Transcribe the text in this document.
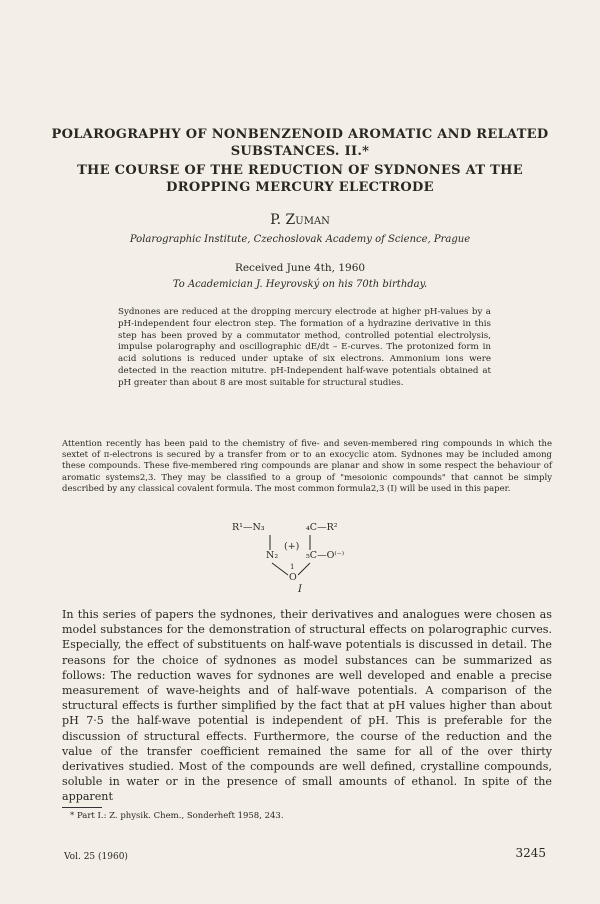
POLAROGRAPHY OF NONBENZENOID AROMATIC AND RELATED SUBSTANCES. II.*
THE COURSE OF THE REDUCTION OF SYDNONES AT THE DROPPING MERCURY ELECTRODE
P. Zuman
Polarographic Institute, Czechoslovak Academy of Science, Prague
Received June 4th, 1960
To Academician J. Heyrovský on his 70th birthday.
Sydnones are reduced at the dropping mercury electrode at higher pH-values by a pH-independent four electron step. The formation of a hydrazine derivative in this step has been proved by a commutator method, controlled potential electrolysis, impulse polarography and oscillographic dE/dt – E-curves. The protonized form in acid solutions is reduced under uptake of six electrons. Ammonium ions were detected in the reaction mitutre. pH-Independent half-wave potentials obtained at pH greater than about 8 are most suitable for structural studies.
Attention recently has been paid to the chemistry of five- and seven-membered ring compounds in which the sextet of π-electrons is secured by a transfer from or to an exocyclic atom. Sydnones may be included among these compounds. These five-membered ring compounds are planar and show in some respect the behaviour of aromatic systems2,3. They may be classified to a group of "mesoionic compounds" that cannot be simply described by any classical covalent formula. The most common formula2,3 (I) will be used in this paper.
R¹—N₃	₄C—R²
(+)
N₂	₅C—O⁽⁻⁾
1
O
I
In this series of papers the sydnones, their derivatives and analogues were chosen as model substances for the demonstration of structural effects on polarographic curves. Especially, the effect of substituents on half-wave potentials is discussed in detail. The reasons for the choice of sydnones as model substances can be summarized as follows: The reduction waves for sydnones are well developed and enable a precise measurement of wave-heights and of half-wave potentials. A comparison of the structural effects is further simplified by the fact that at pH values higher than about pH 7·5 the half-wave potential is independent of pH. This is preferable for the discussion of structural effects. Furthermore, the course of the reduction and the value of the transfer coefficient remained the same for all of the over thirty derivatives studied. Most of the compounds are well defined, crystalline compounds, soluble in water or in the presence of small amounts of ethanol. In spite of the apparent
* Part I.: Z. physik. Chem., Sonderheft 1958, 243.
Vol. 25 (1960)	3245
